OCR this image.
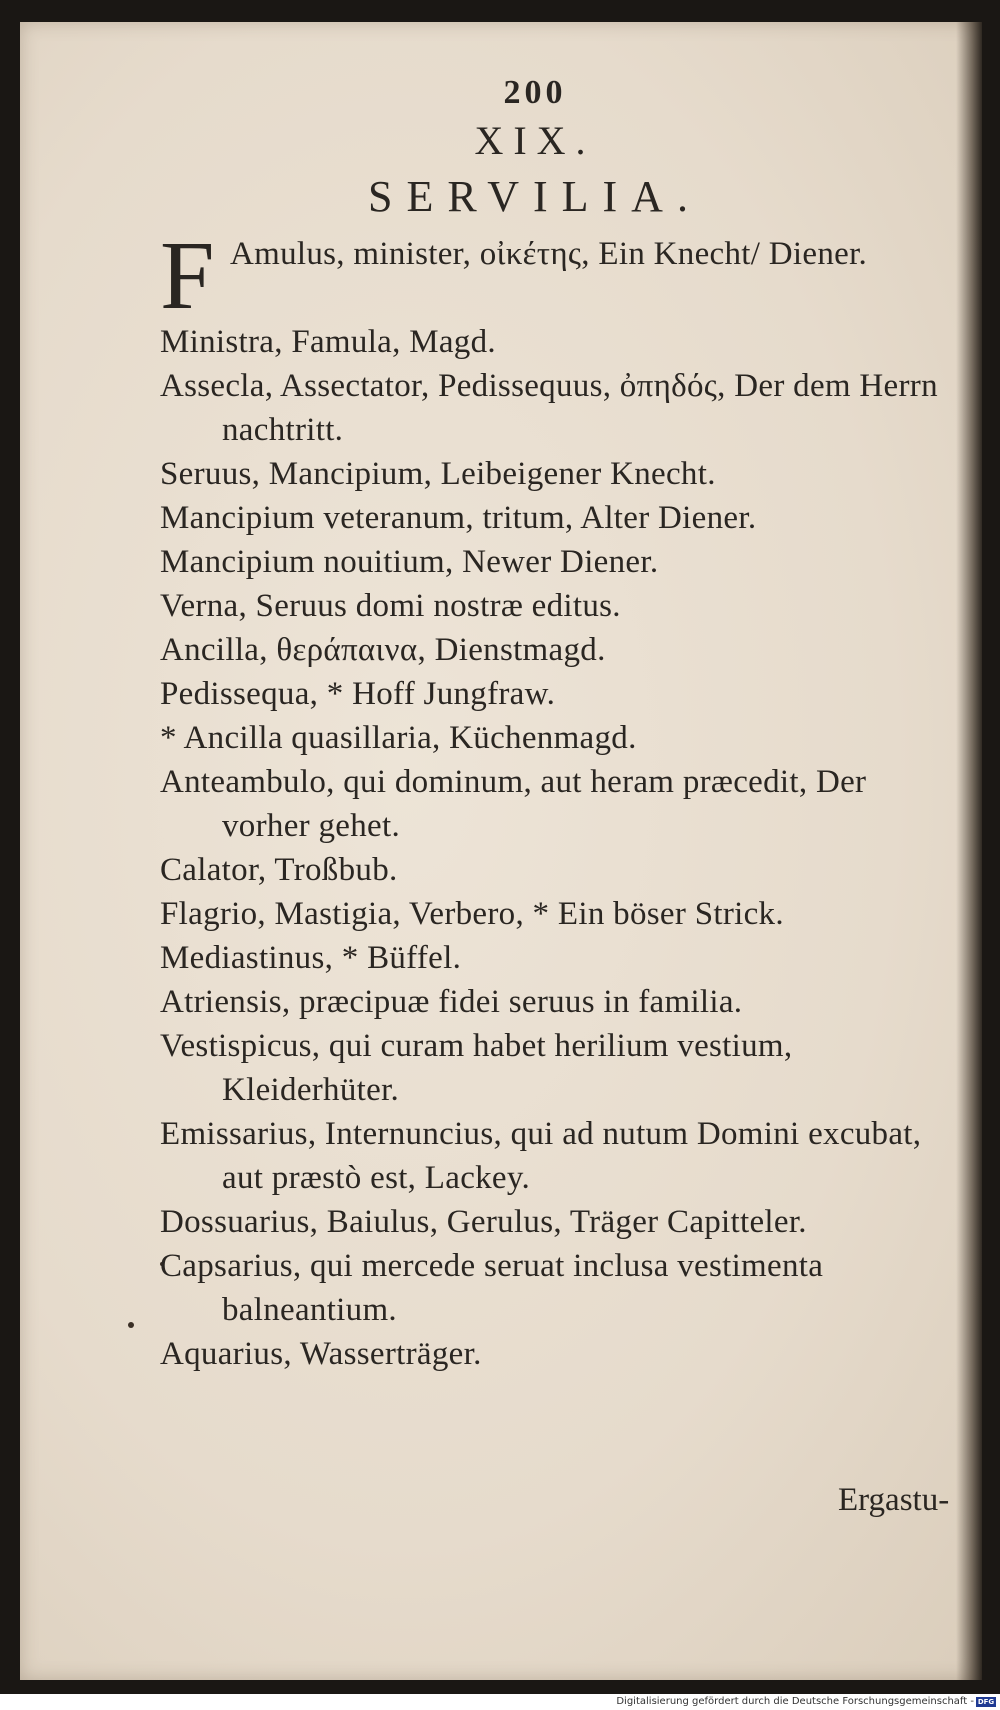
200
XIX.
SERVILIA.
F Amulus, minister, οἰκέτης, Ein Knecht/ Diener.
Ministra, Famula, Magd.
Assecla, Assectator, Pedissequus, ὀπηδός, Der dem Herrn nachtritt.
Seruus, Mancipium, Leibeigener Knecht.
Mancipium veteranum, tritum, Alter Diener.
Mancipium nouitium, Newer Diener.
Verna, Seruus domi nostræ editus.
Ancilla, θεράπαινα, Dienstmagd.
Pedissequa, * Hoff Jungfraw.
* Ancilla quasillaria, Küchenmagd.
Anteambulo, qui dominum, aut heram præcedit, Der vorher gehet.
Calator, Troßbub.
Flagrio, Mastigia, Verbero, * Ein böser Strick.
Mediastinus, * Büffel.
Atriensis, præcipuæ fidei seruus in familia.
Vestispicus, qui curam habet herilium vestium, Kleiderhüter.
Emissarius, Internuncius, qui ad nutum Domini excubat, aut præstò est, Lackey.
Dossuarius, Baiulus, Gerulus, Träger Capitteler.
Capsarius, qui mercede seruat inclusa vestimenta balneantium.
Aquarius, Wasserträger.
Ergastu-
Digitalisierung gefördert durch die Deutsche Forschungsgemeinschaft - DFG
